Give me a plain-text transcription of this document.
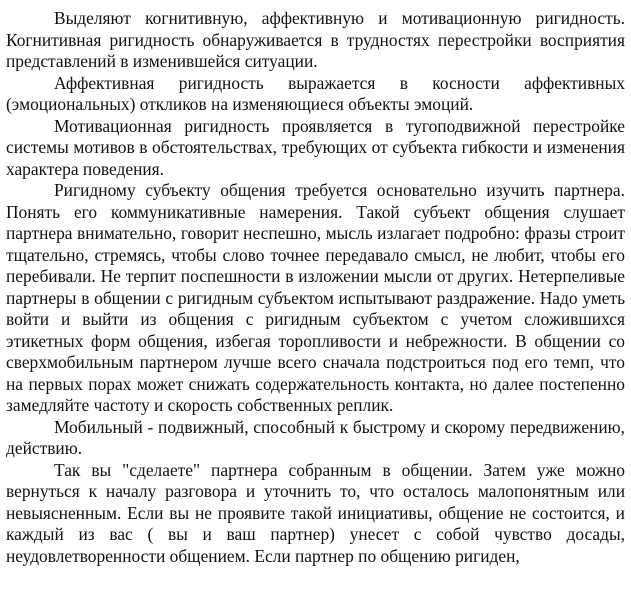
Выделяют когнитивную, аффективную и мотивационную ригидность. Когнитивная ригидность обнаруживается в трудностях перестройки восприятия представлений в изменившейся ситуации.

Аффективная ригидность выражается в косности аффективных (эмоциональных) откликов на изменяющиеся объекты эмоций.

Мотивационная ригидность проявляется в тугоподвижной перестройке системы мотивов в обстоятельствах, требующих от субъекта гибкости и изменения характера поведения.

Ригидному субъекту общения требуется основательно изучить партнера. Понять его коммуникативные намерения. Такой субъект общения слушает партнера внимательно, говорит неспешно, мысль излагает подробно: фразы строит тщательно, стремясь, чтобы слово точнее передавало смысл, не любит, чтобы его перебивали. Не терпит поспешности в изложении мысли от других. Нетерпеливые партнеры в общении с ригидным субъектом испытывают раздражение. Надо уметь войти и выйти из общения с ригидным субъектом с учетом сложившихся этикетных форм общения, избегая торопливости и небрежности. В общении со сверхмобильным партнером лучше всего сначала подстроиться под его темп, что на первых порах может снижать содержательность контакта, но далее постепенно замедляйте частоту и скорость собственных реплик.

Мобильный - подвижный, способный к быстрому и скорому передвижению, действию.

Так вы "сделаете" партнера собранным в общении. Затем уже можно вернуться к началу разговора и уточнить то, что осталось малопонятным или невыясненным. Если вы не проявите такой инициативы, общение не состоится, и каждый из вас ( вы и ваш партнер) унесет с собой чувство досады, неудовлетворенности общением. Если партнер по общению ригиден,
